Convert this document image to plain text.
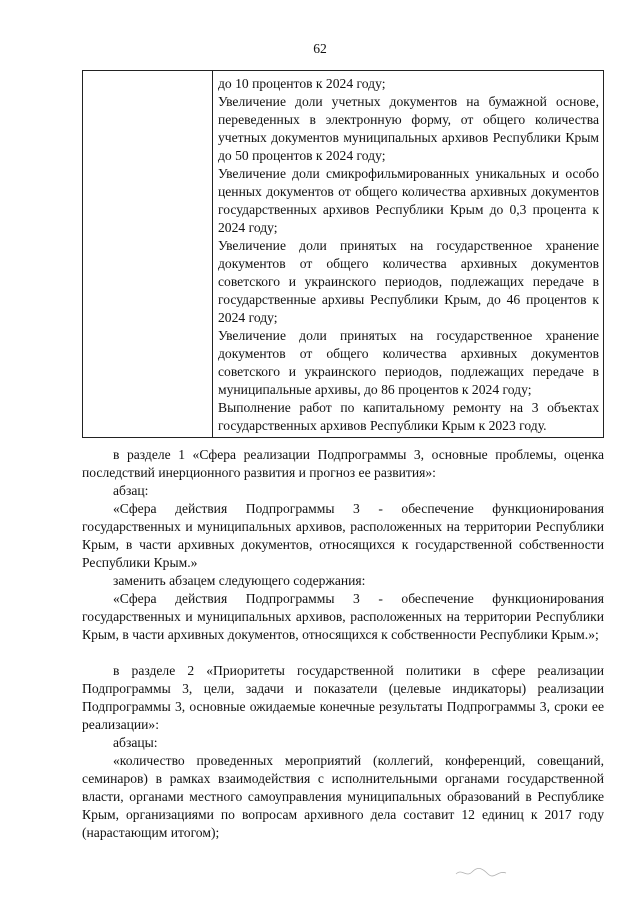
62

до 10 процентов к 2024 году;

Увеличение доли учетных документов на бумажной основе, переведенных в электронную форму, от общего количества учетных документов муниципальных архивов Республики Крым до 50 процентов к 2024 году;

Увеличение доли смикрофильмированных уникальных и особо ценных документов от общего количества архивных документов государственных архивов Республики Крым до 0,3 процента к 2024 году;

Увеличение доли принятых на государственное хранение документов от общего количества архивных документов советского и украинского периодов, подлежащих передаче в государственные архивы Республики Крым, до 46 процентов к 2024 году;

Увеличение доли принятых на государственное хранение документов от общего количества архивных документов советского и украинского периодов, подлежащих передаче в муниципальные архивы, до 86 процентов к 2024 году;

Выполнение работ по капитальному ремонту на 3 объектах государственных архивов Республики Крым к 2023 году.

в разделе 1 «Сфера реализации Подпрограммы 3, основные проблемы, оценка последствий инерционного развития и прогноз ее развития»:

абзац:

«Сфера действия Подпрограммы 3 - обеспечение функционирования государственных и муниципальных архивов, расположенных на территории Республики Крым, в части архивных документов, относящихся к государственной собственности Республики Крым.»

заменить абзацем следующего содержания:

«Сфера действия Подпрограммы 3 - обеспечение функционирования государственных и муниципальных архивов, расположенных на территории Республики Крым, в части архивных документов, относящихся к собственности Республики Крым.»;

в разделе 2 «Приоритеты государственной политики в сфере реализации Подпрограммы 3, цели, задачи и показатели (целевые индикаторы) реализации Подпрограммы 3, основные ожидаемые конечные результаты Подпрограммы 3, сроки ее реализации»:

абзацы:

«количество проведенных мероприятий (коллегий, конференций, совещаний, семинаров) в рамках взаимодействия с исполнительными органами государственной власти, органами местного самоуправления муниципальных образований в Республике Крым, организациями по вопросам архивного дела составит 12 единиц к 2017 году (нарастающим итогом);
